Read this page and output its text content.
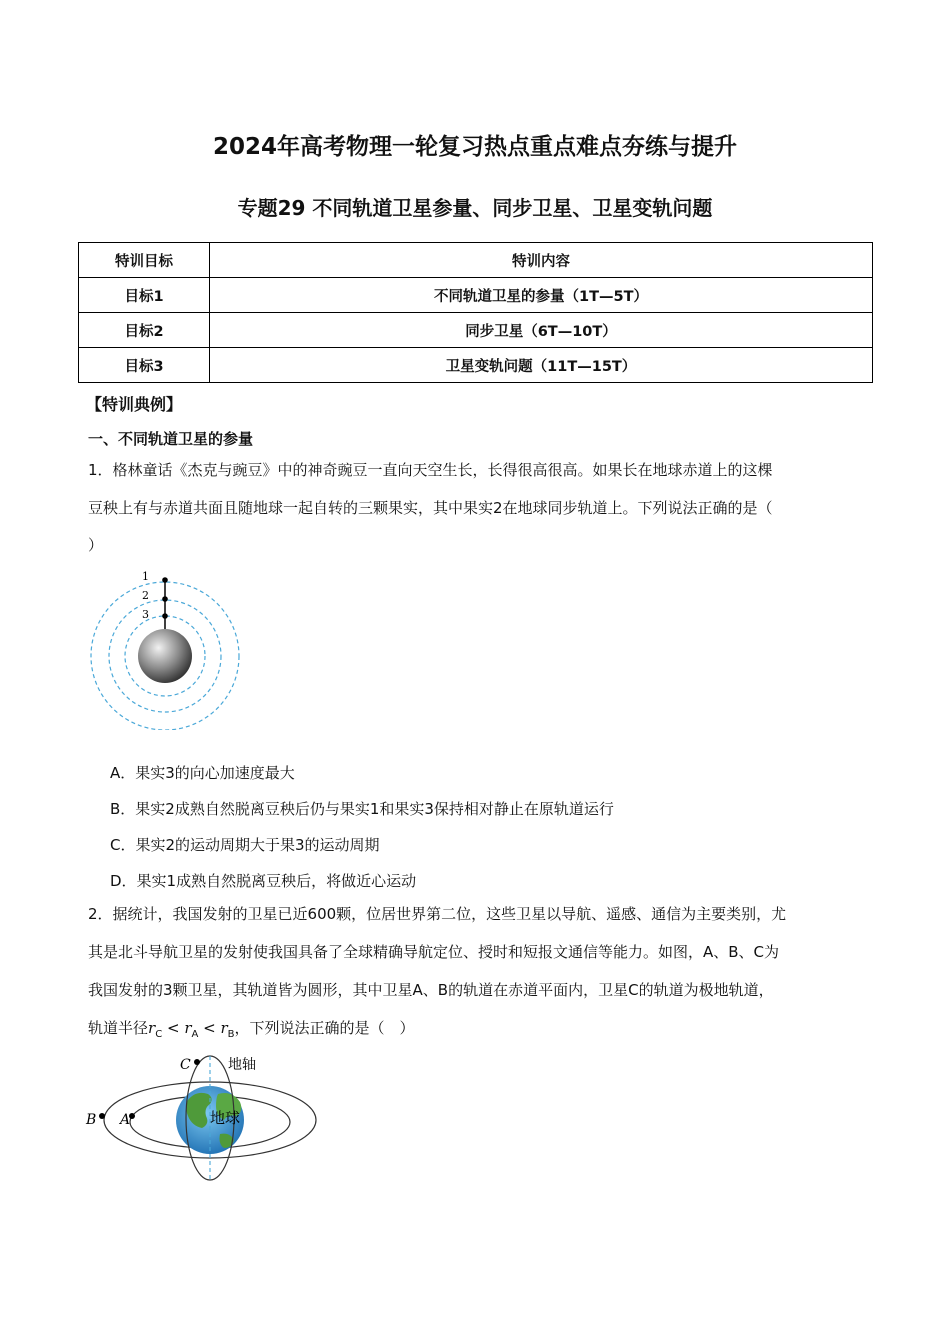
2024年高考物理一轮复习热点重点难点夯练与提升
专题29 不同轨道卫星参量、同步卫星、卫星变轨问题
特训目标	特训内容
目标1	不同轨道卫星的参量（1T—5T）
目标2	同步卫星（6T—10T）
目标3	卫星变轨问题（11T—15T）
【特训典例】
一、不同轨道卫星的参量
1．格林童话《杰克与豌豆》中的神奇豌豆一直向天空生长，长得很高很高。如果长在地球赤道上的这棵
豆秧上有与赤道共面且随地球一起自转的三颗果实，其中果实2在地球同步轨道上。下列说法正确的是（
）
1
2
3
A．果实3的向心加速度最大
B．果实2成熟自然脱离豆秧后仍与果实1和果实3保持相对静止在原轨道运行
C．果实2的运动周期大于果3的运动周期
D．果实1成熟自然脱离豆秧后，将做近心运动
2．据统计，我国发射的卫星已近600颗，位居世界第二位，这些卫星以导航、遥感、通信为主要类别，尤
其是北斗导航卫星的发射使我国具备了全球精确导航定位、授时和短报文通信等能力。如图，A、B、C为
我国发射的3颗卫星，其轨道皆为圆形，其中卫星A、B的轨道在赤道平面内，卫星C的轨道为极地轨道，
轨道半径$r_C < r_A < r_B$，下列说法正确的是（　）
C	地轴
B A	地球
